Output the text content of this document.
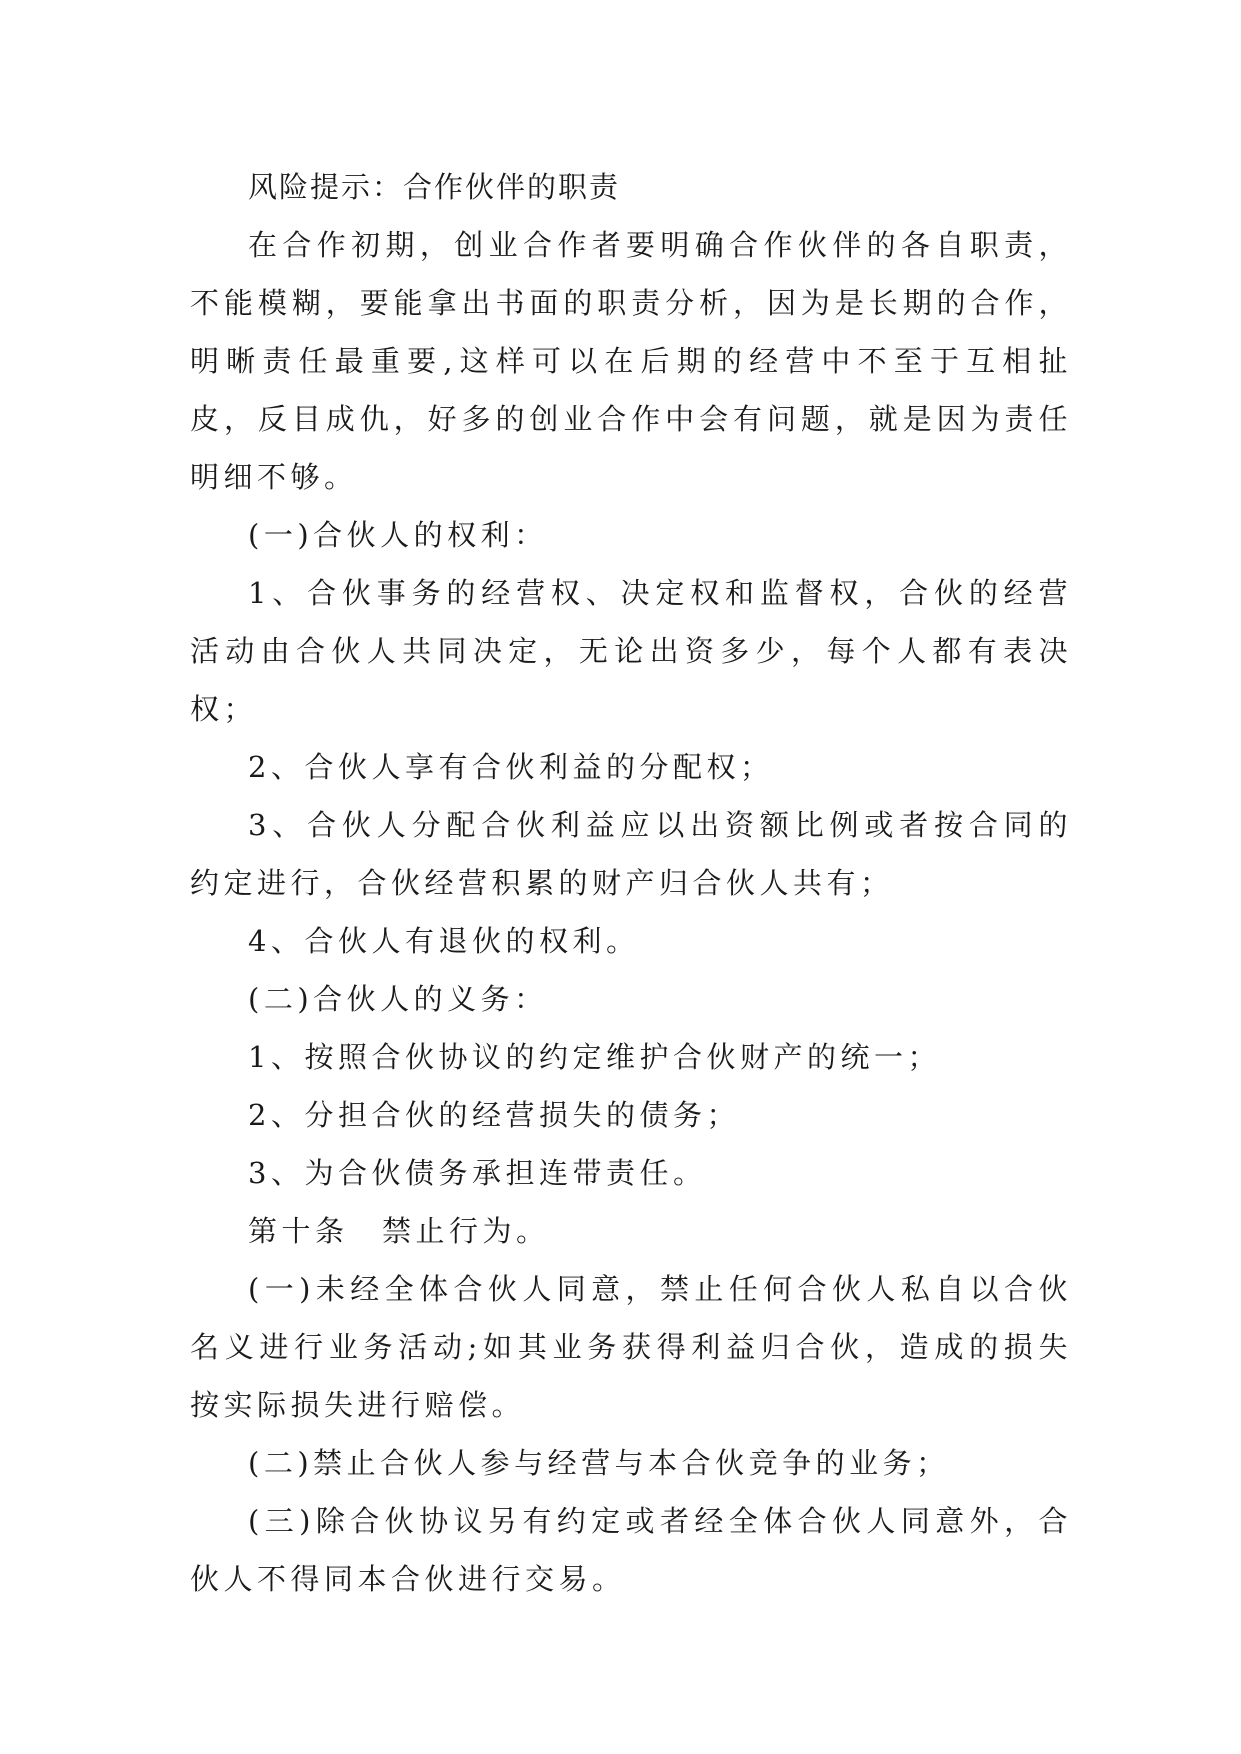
风险提示：合作伙伴的职责

在合作初期，创业合作者要明确合作伙伴的各自职责，不能模糊，要能拿出书面的职责分析，因为是长期的合作，明晰责任最重要,这样可以在后期的经营中不至于互相扯皮，反目成仇，好多的创业合作中会有问题，就是因为责任明细不够。

(一)合伙人的权利：

1、合伙事务的经营权、决定权和监督权，合伙的经营活动由合伙人共同决定，无论出资多少，每个人都有表决权；

2、合伙人享有合伙利益的分配权；

3、合伙人分配合伙利益应以出资额比例或者按合同的约定进行，合伙经营积累的财产归合伙人共有；

4、合伙人有退伙的权利。

(二)合伙人的义务：

1、按照合伙协议的约定维护合伙财产的统一；

2、分担合伙的经营损失的债务；

3、为合伙债务承担连带责任。

第十条　禁止行为。

(一)未经全体合伙人同意，禁止任何合伙人私自以合伙名义进行业务活动;如其业务获得利益归合伙，造成的损失按实际损失进行赔偿。

(二)禁止合伙人参与经营与本合伙竞争的业务；

(三)除合伙协议另有约定或者经全体合伙人同意外，合伙人不得同本合伙进行交易。
